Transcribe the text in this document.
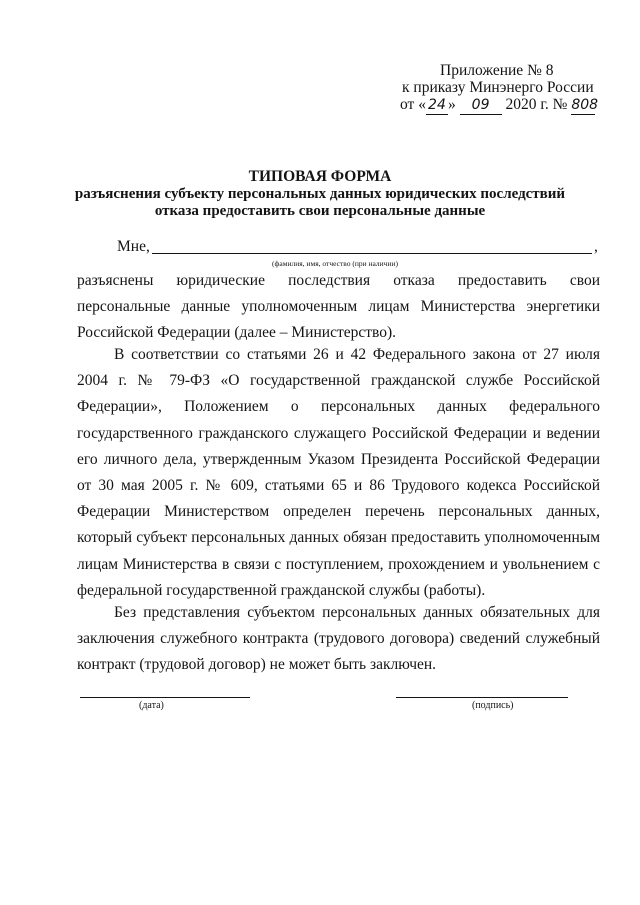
Приложение № 8
к приказу Минэнерго России
от « 24 » 09 2020 г. № 808
ТИПОВАЯ ФОРМА
разъяснения субъекту персональных данных юридических последствий
отказа предоставить свои персональные данные
Мне,	,
(фамилия, имя, отчество (при наличии)
разъяснены юридические последствия отказа предоставить свои персональные данные уполномоченным лицам Министерства энергетики Российской Федерации (далее – Министерство).
В соответствии со статьями 26 и 42 Федерального закона от 27 июля 2004 г. № 79-ФЗ «О государственной гражданской службе Российской Федерации», Положением о персональных данных федерального государственного гражданского служащего Российской Федерации и ведении его личного дела, утвержденным Указом Президента Российской Федерации от 30 мая 2005 г. № 609, статьями 65 и 86 Трудового кодекса Российской Федерации Министерством определен перечень персональных данных, который субъект персональных данных обязан предоставить уполномоченным лицам Министерства в связи с поступлением, прохождением и увольнением с федеральной государственной гражданской службы (работы).
Без представления субъектом персональных данных обязательных для заключения служебного контракта (трудового договора) сведений служебный контракт (трудовой договор) не может быть заключен.
(дата)	(подпись)
